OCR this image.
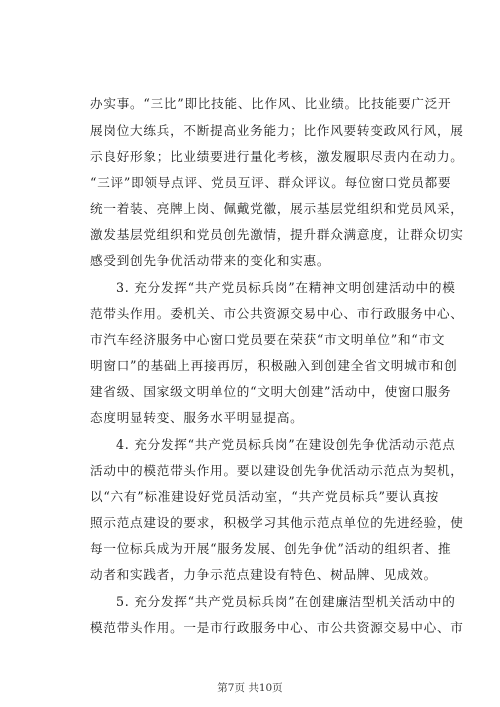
办实事。“三比”即比技能、比作风、比业绩。比技能要广泛开
展岗位大练兵，不断提高业务能力；比作风要转变政风行风，展
示良好形象；比业绩要进行量化考核，激发履职尽责内在动力。
“三评”即领导点评、党员互评、群众评议。每位窗口党员都要
统一着装、亮牌上岗、佩戴党徽，展示基层党组织和党员风采，
激发基层党组织和党员创先激情，提升群众满意度，让群众切实
感受到创先争优活动带来的变化和实惠。
3. 充分发挥“共产党员标兵岗”在精神文明创建活动中的模
范带头作用。委机关、市公共资源交易中心、市行政服务中心、
市汽车经济服务中心窗口党员要在荣获“市文明单位”和“市文
明窗口”的基础上再接再厉，积极融入到创建全省文明城市和创
建省级、国家级文明单位的“文明大创建”活动中，使窗口服务
态度明显转变、服务水平明显提高。
4. 充分发挥“共产党员标兵岗”在建设创先争优活动示范点
活动中的模范带头作用。要以建设创先争优活动示范点为契机，
以“六有”标准建设好党员活动室，“共产党员标兵”要认真按
照示范点建设的要求，积极学习其他示范点单位的先进经验，使
每一位标兵成为开展“服务发展、创先争优”活动的组织者、推
动者和实践者，力争示范点建设有特色、树品牌、见成效。
5. 充分发挥“共产党员标兵岗”在创建廉洁型机关活动中的
模范带头作用。一是市行政服务中心、市公共资源交易中心、市
第7页 共10页
